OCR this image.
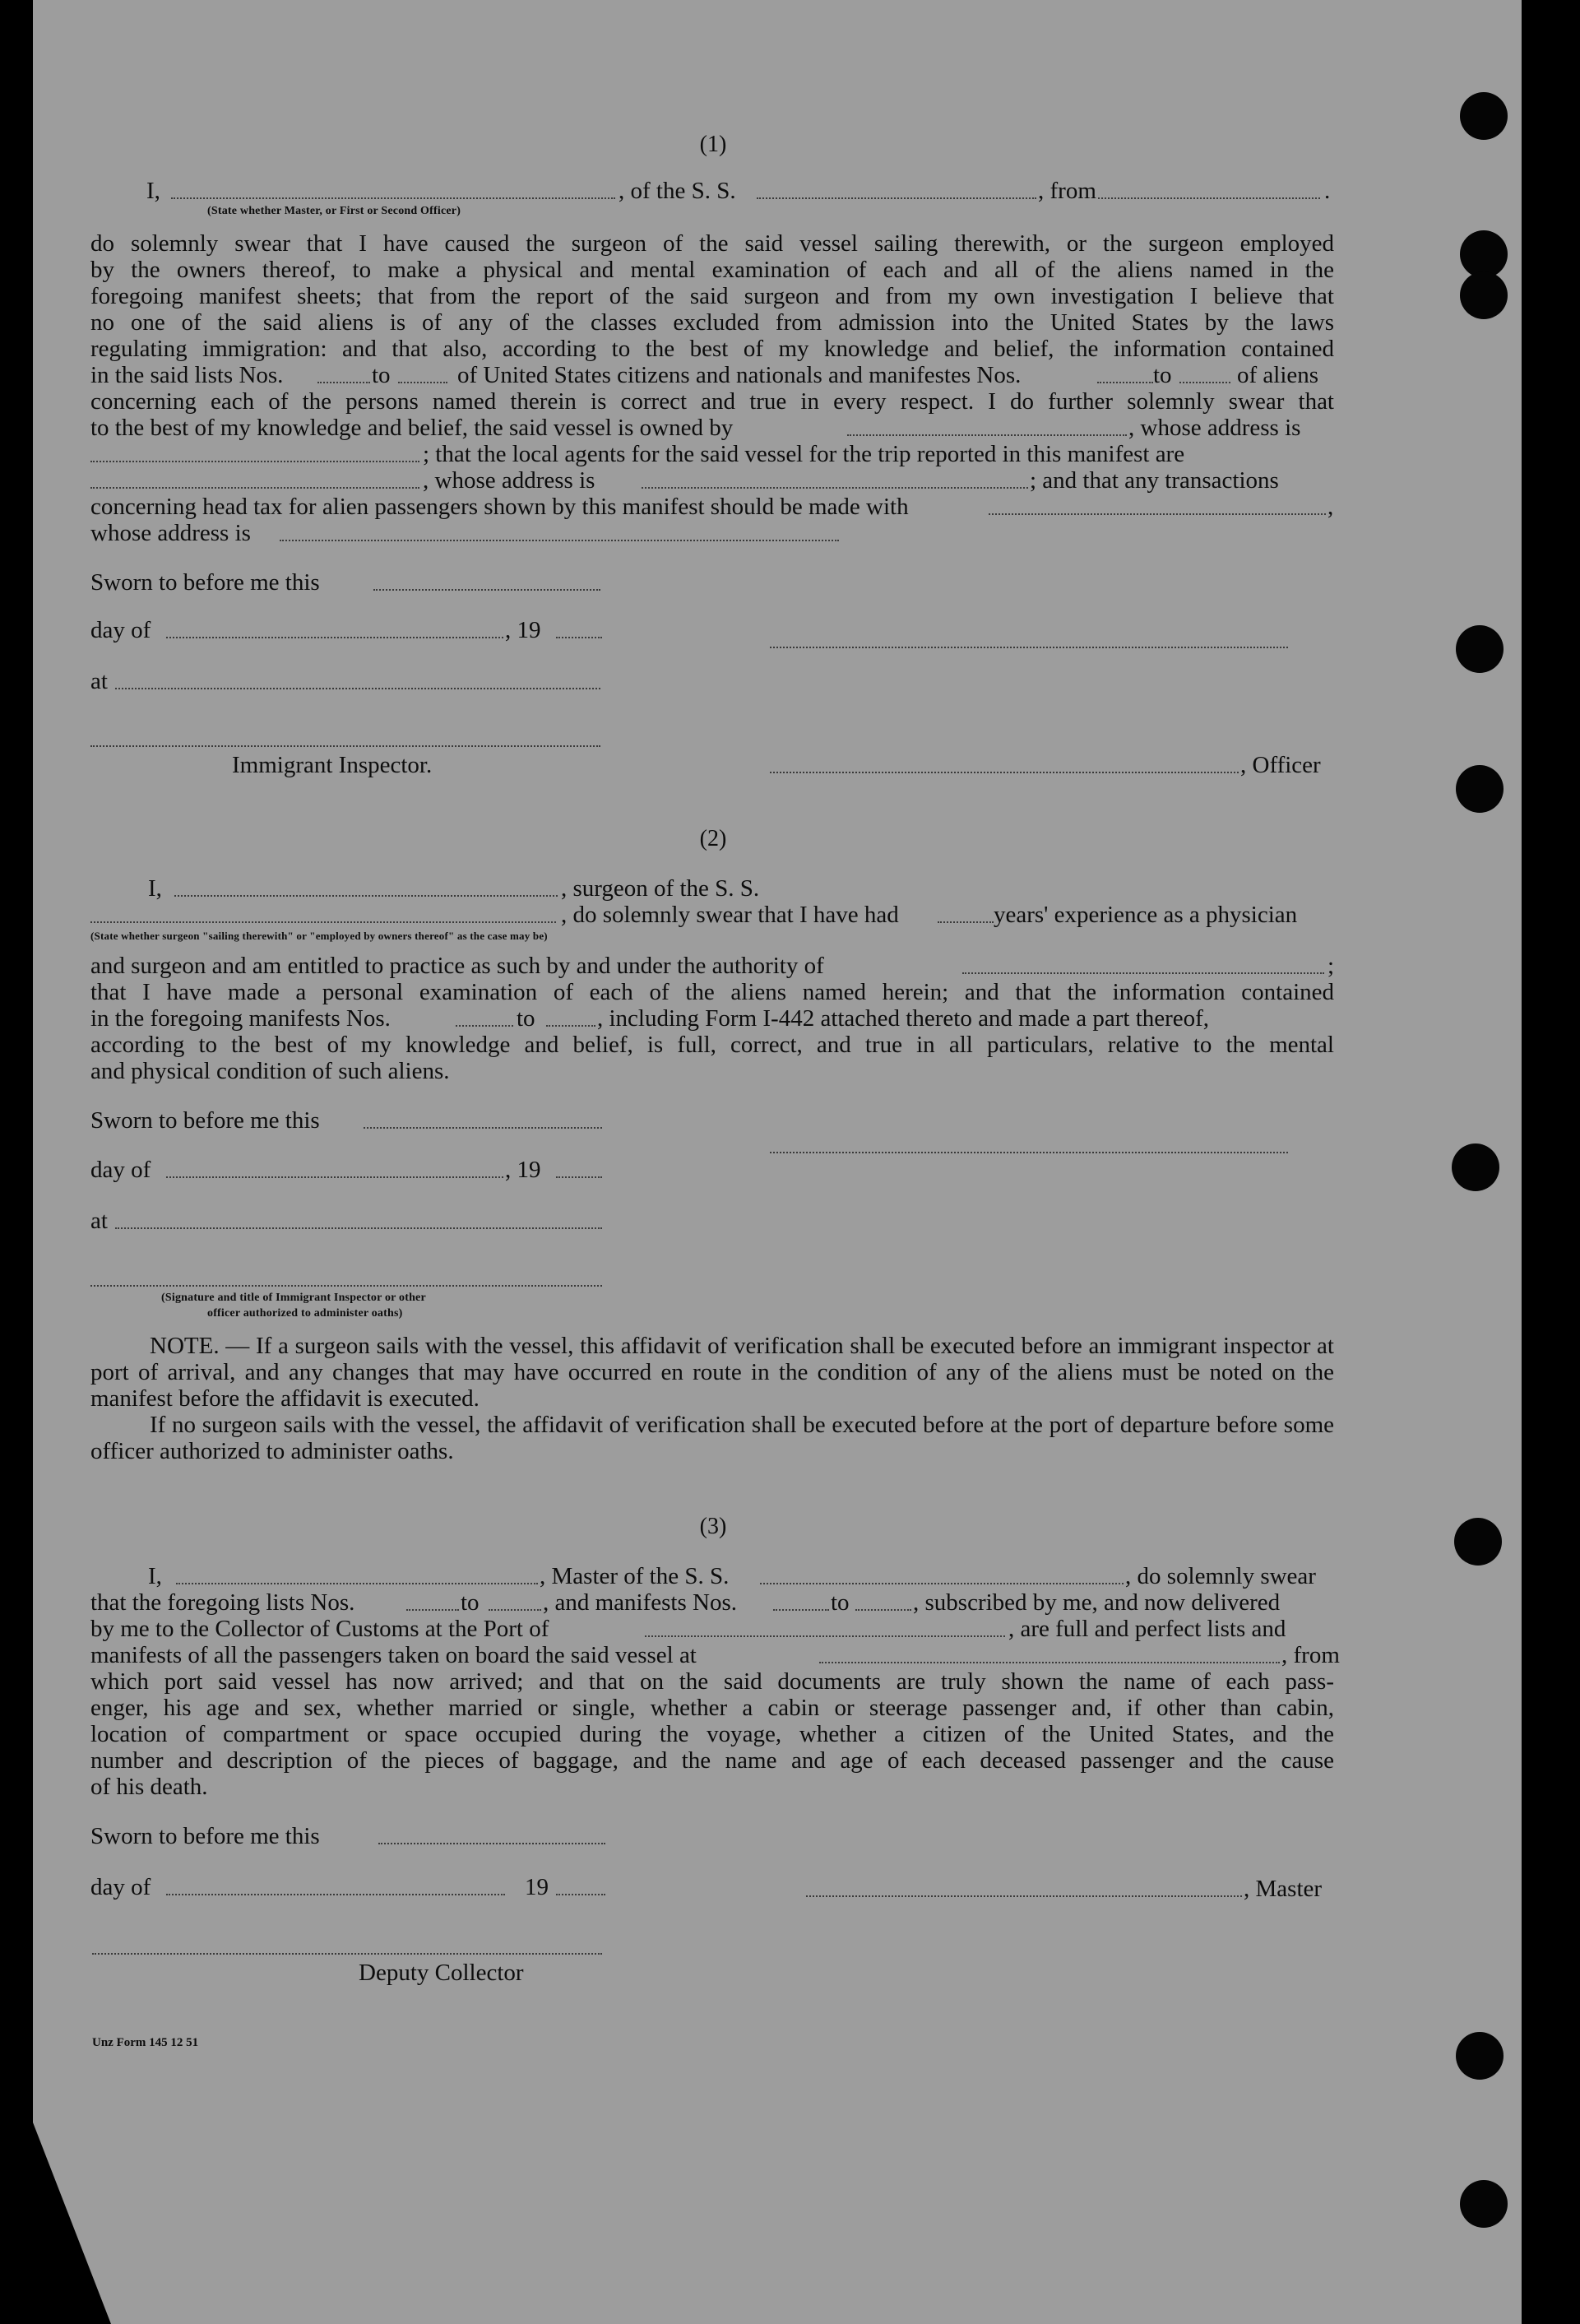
(1)
I,	, of the S. S.	, from	.
(State whether Master, or First or Second Officer)
do solemnly swear that I have caused the surgeon of the said vessel sailing therewith, or the surgeon employed
by the owners thereof, to make a physical and mental examination of each and all of the aliens named in the
foregoing manifest sheets; that from the report of the said surgeon and from my own investigation I believe that
no one of the said aliens is of any of the classes excluded from admission into the United States by the laws
regulating immigration: and that also, according to the best of my knowledge and belief, the information contained
in the said lists Nos.	to	of United States citizens and nationals and manifestes Nos.	to	of aliens
concerning each of the persons named therein is correct and true in every respect. I do further solemnly swear that
to the best of my knowledge and belief, the said vessel is owned by	, whose address is
; that the local agents for the said vessel for the trip reported in this manifest are
, whose address is	; and that any transactions
concerning head tax for alien passengers shown by this manifest should be made with	,
whose address is
Sworn to before me this
day of	, 19
at
Immigrant Inspector.	, Officer
(2)
I,	, surgeon of the S. S.
, do solemnly swear that I have had	years' experience as a physician
(State whether surgeon "sailing therewith" or "employed by owners thereof" as the case may be)
and surgeon and am entitled to practice as such by and under the authority of	;
that I have made a personal examination of each of the aliens named herein; and that the information contained
in the foregoing manifests Nos.	to	, including Form I-442 attached thereto and made a part thereof,
according to the best of my knowledge and belief, is full, correct, and true in all particulars, relative to the mental
and physical condition of such aliens.
Sworn to before me this
day of	, 19
at
(Signature and title of Immigrant Inspector or other
officer authorized to administer oaths)

NOTE. — If a surgeon sails with the vessel, this affidavit of verification shall be executed before an immigrant inspector at port of arrival, and any changes that may have occurred en route in the condition of any of the aliens must be noted on the manifest before the affidavit is executed.

If no surgeon sails with the vessel, the affidavit of verification shall be executed before at the port of departure before some officer authorized to administer oaths.

(3)
I,	, Master of the S. S.	, do solemnly swear
that the foregoing lists Nos.	to	, and manifests Nos.	to	, subscribed by me, and now delivered
by me to the Collector of Customs at the Port of	, are full and perfect lists and
manifests of all the passengers taken on board the said vessel at	, from
which port said vessel has now arrived; and that on the said documents are truly shown the name of each pass-
enger, his age and sex, whether married or single, whether a cabin or steerage passenger and, if other than cabin,
location of compartment or space occupied during the voyage, whether a citizen of the United States, and the
number and description of the pieces of baggage, and the name and age of each deceased passenger and the cause
of his death.
Sworn to before me this
day of	19	, Master
Deputy Collector
Unz Form 145 12 51
